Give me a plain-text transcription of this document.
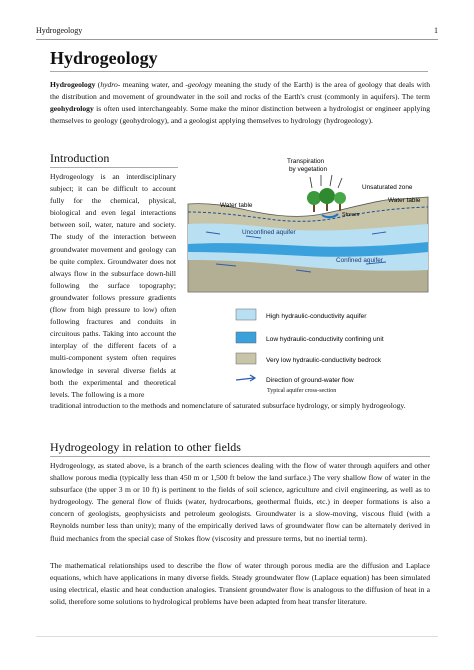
Hydrogeology	1
Hydrogeology

Hydrogeology (hydro- meaning water, and -geology meaning the study of the Earth) is the area of geology that deals with the distribution and movement of groundwater in the soil and rocks of the Earth's crust (commonly in aquifers). The term geohydrology is often used interchangeably. Some make the minor distinction between a hydrologist or engineer applying themselves to geology (geohydrology), and a geologist applying themselves to hydrology (hydrogeology).

Introduction

Hydrogeology is an interdisciplinary subject; it can be difficult to account fully for the chemical, physical, biological and even legal interactions between soil, water, nature and society. The study of the interaction between groundwater movement and geology can be quite complex. Groundwater does not always flow in the subsurface down-hill following the surface topography; groundwater follows pressure gradients (flow from high pressure to low) often following fractures and conduits in circuitous paths. Taking into account the interplay of the different facets of a multi-component system often requires knowledge in several diverse fields at both the experimental and theoretical levels. The following is a more

Transpiration
by vegetation
Unsaturated zone
Water table
Water table
Stream
Unconfined aquifer
Confined aquifer
High hydraulic-conductivity aquifer
Low hydraulic-conductivity confining unit
Very low hydraulic-conductivity bedrock
Direction of ground-water flow
Typical aquifer cross-section

traditional introduction to the methods and nomenclature of saturated subsurface hydrology, or simply hydrogeology.

Hydrogeology in relation to other fields

Hydrogeology, as stated above, is a branch of the earth sciences dealing with the flow of water through aquifers and other shallow porous media (typically less than 450 m or 1,500 ft below the land surface.) The very shallow flow of water in the subsurface (the upper 3 m or 10 ft) is pertinent to the fields of soil science, agriculture and civil engineering, as well as to hydrogeology. The general flow of fluids (water, hydrocarbons, geothermal fluids, etc.) in deeper formations is also a concern of geologists, geophysicists and petroleum geologists. Groundwater is a slow-moving, viscous fluid (with a Reynolds number less than unity); many of the empirically derived laws of groundwater flow can be alternately derived in fluid mechanics from the special case of Stokes flow (viscosity and pressure terms, but no inertial term).

The mathematical relationships used to describe the flow of water through porous media are the diffusion and Laplace equations, which have applications in many diverse fields. Steady groundwater flow (Laplace equation) has been simulated using electrical, elastic and heat conduction analogies. Transient groundwater flow is analogous to the diffusion of heat in a solid, therefore some solutions to hydrological problems have been adapted from heat transfer literature.
